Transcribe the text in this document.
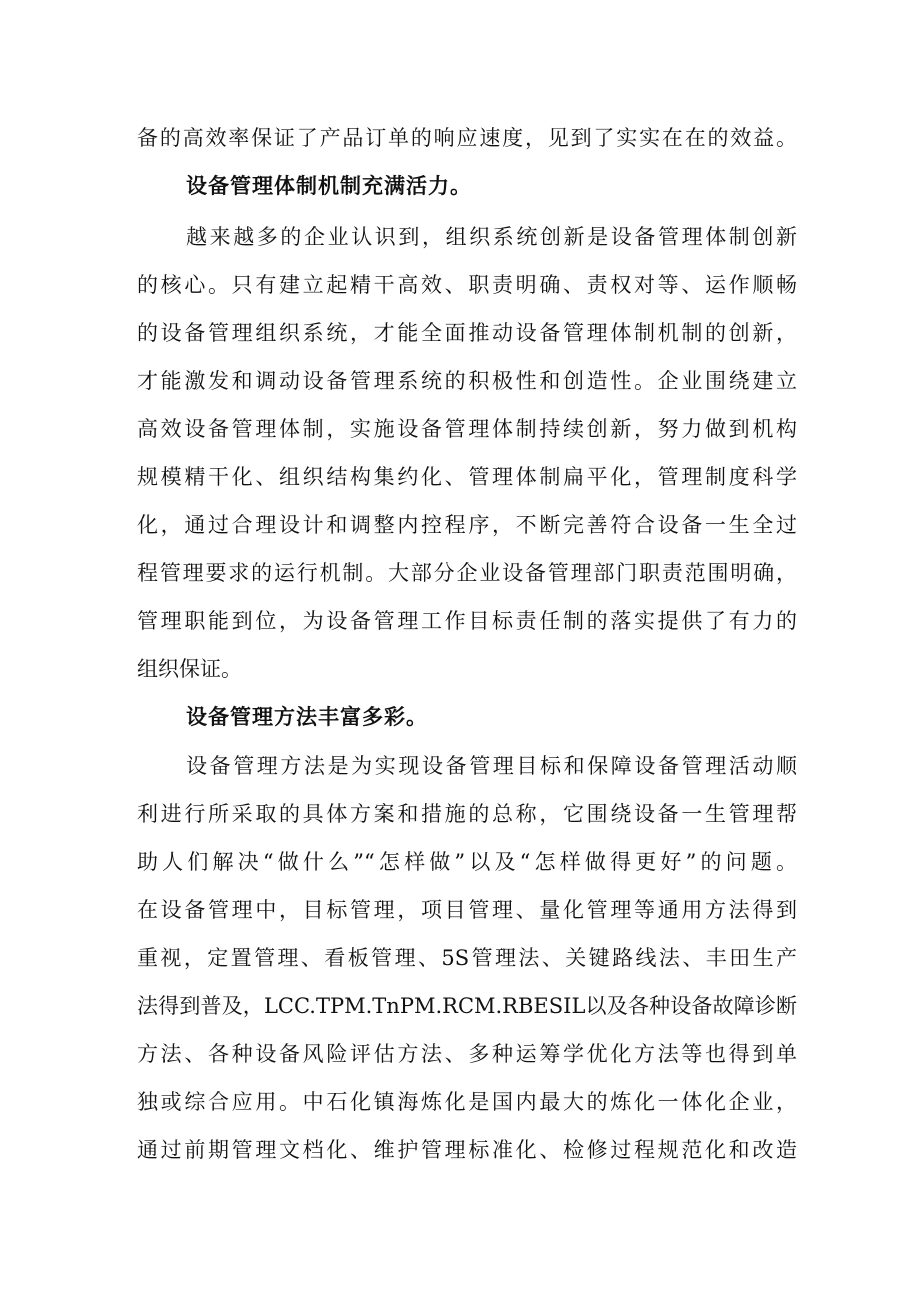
备的高效率保证了产品订单的响应速度，见到了实实在在的效益。
设备管理体制机制充满活力。
越来越多的企业认识到，组织系统创新是设备管理体制创新
的核心。只有建立起精干高效、职责明确、责权对等、运作顺畅
的设备管理组织系统，才能全面推动设备管理体制机制的创新，
才能激发和调动设备管理系统的积极性和创造性。企业围绕建立
高效设备管理体制，实施设备管理体制持续创新，努力做到机构
规模精干化、组织结构集约化、管理体制扁平化，管理制度科学
化，通过合理设计和调整内控程序，不断完善符合设备一生全过
程管理要求的运行机制。大部分企业设备管理部门职责范围明确，
管理职能到位，为设备管理工作目标责任制的落实提供了有力的
组织保证。
设备管理方法丰富多彩。
设备管理方法是为实现设备管理目标和保障设备管理活动顺
利进行所采取的具体方案和措施的总称，它围绕设备一生管理帮
助人们解决“做什么”“怎样做”以及“怎样做得更好”的问题。
在设备管理中，目标管理，项目管理、量化管理等通用方法得到
重视，定置管理、看板管理、5S管理法、关键路线法、丰田生产
法得到普及，LCC.TPM.TnPM.RCM.RBESIL以及各种设备故障诊断
方法、各种设备风险评估方法、多种运筹学优化方法等也得到单
独或综合应用。中石化镇海炼化是国内最大的炼化一体化企业，
通过前期管理文档化、维护管理标准化、检修过程规范化和改造
